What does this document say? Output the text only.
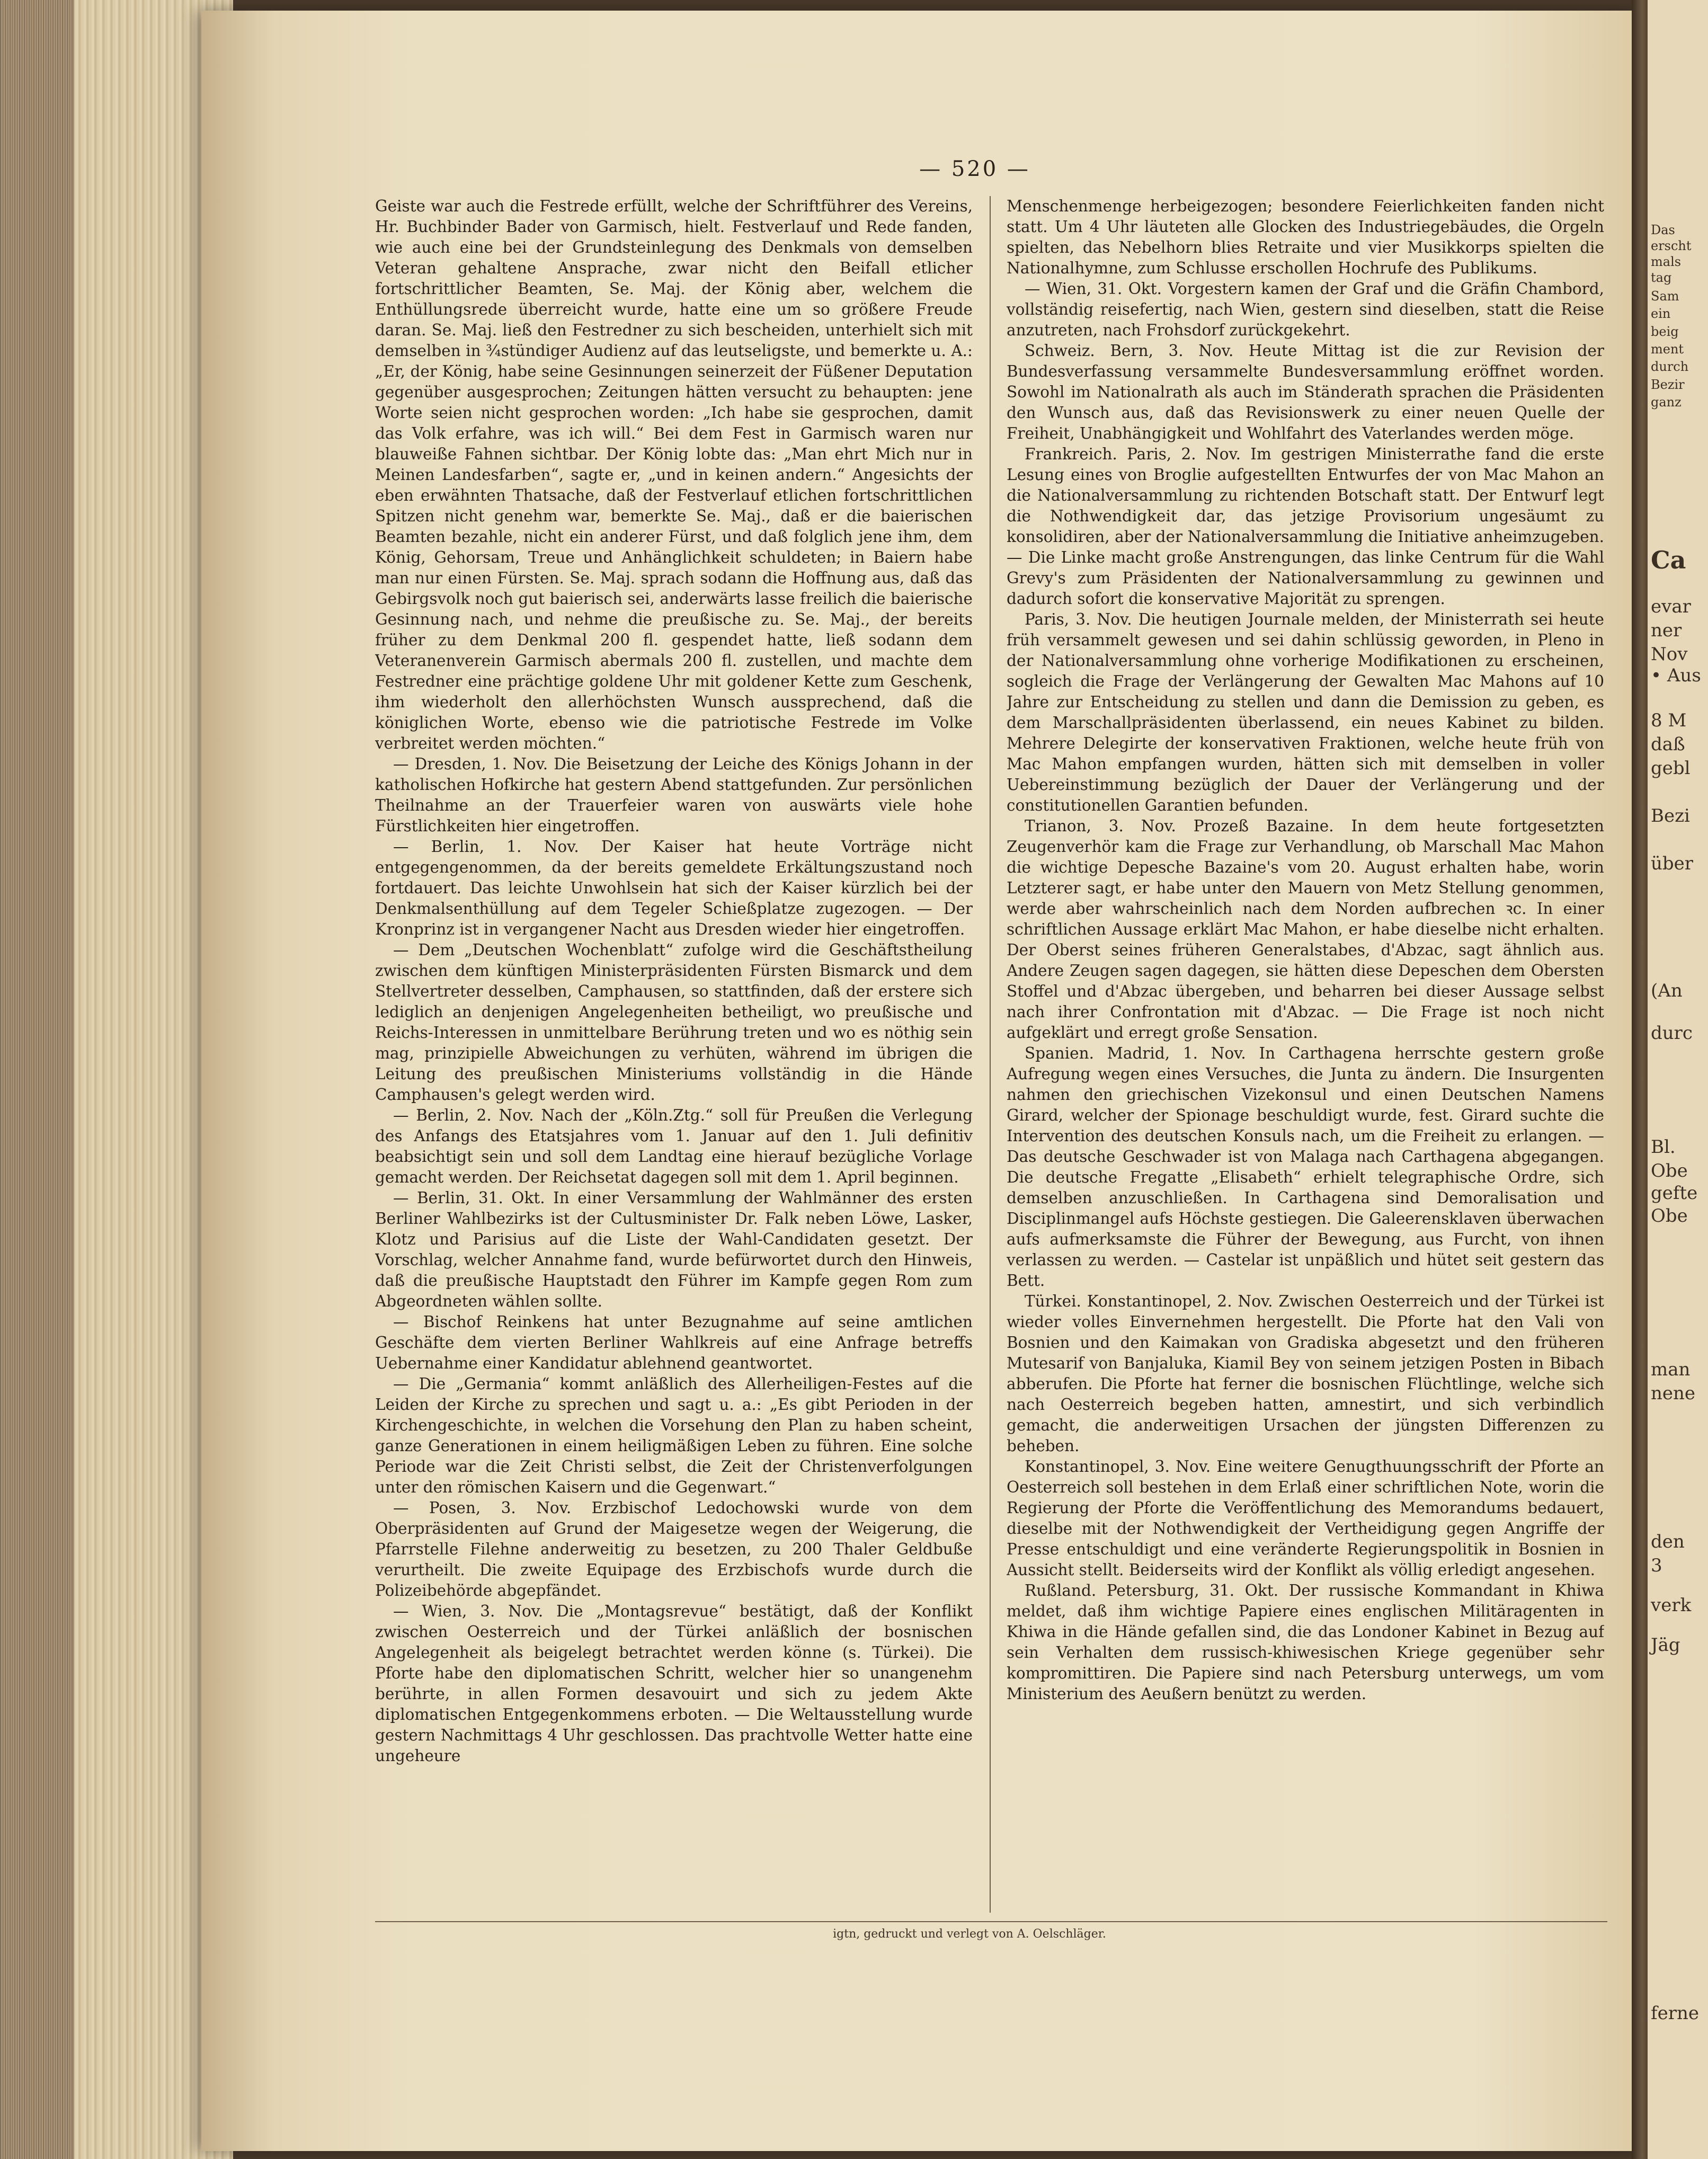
— 520 —

Geiste war auch die Festrede erfüllt, welche der Schriftführer des Vereins, Hr. Buchbinder Bader von Garmisch, hielt. Festverlauf und Rede fanden, wie auch eine bei der Grundsteinlegung des Denkmals von demselben Veteran gehaltene Ansprache, zwar nicht den Beifall etlicher fortschrittlicher Beamten, Se. Maj. der König aber, welchem die Enthüllungsrede überreicht wurde, hatte eine um so größere Freude daran. Se. Maj. ließ den Festredner zu sich bescheiden, unterhielt sich mit demselben in ¾stündiger Audienz auf das leutseligste, und bemerkte u. A.: „Er, der König, habe seine Gesinnungen seinerzeit der Füßener Deputation gegenüber ausgesprochen; Zeitungen hätten versucht zu behaupten: jene Worte seien nicht gesprochen worden: „Ich habe sie gesprochen, damit das Volk erfahre, was ich will.“ Bei dem Fest in Garmisch waren nur blauweiße Fahnen sichtbar. Der König lobte das: „Man ehrt Mich nur in Meinen Landesfarben“, sagte er, „und in keinen andern.“ Angesichts der eben erwähnten Thatsache, daß der Festverlauf etlichen fortschrittlichen Spitzen nicht genehm war, bemerkte Se. Maj., daß er die baierischen Beamten bezahle, nicht ein anderer Fürst, und daß folglich jene ihm, dem König, Gehorsam, Treue und Anhänglichkeit schuldeten; in Baiern habe man nur einen Fürsten. Se. Maj. sprach sodann die Hoffnung aus, daß das Gebirgsvolk noch gut baierisch sei, anderwärts lasse freilich die baierische Gesinnung nach, und nehme die preußische zu. Se. Maj., der bereits früher zu dem Denkmal 200 fl. gespendet hatte, ließ sodann dem Veteranenverein Garmisch abermals 200 fl. zustellen, und machte dem Festredner eine prächtige goldene Uhr mit goldener Kette zum Geschenk, ihm wiederholt den allerhöchsten Wunsch aussprechend, daß die königlichen Worte, ebenso wie die patriotische Festrede im Volke verbreitet werden möchten.“

— Dresden, 1. Nov. Die Beisetzung der Leiche des Königs Johann in der katholischen Hofkirche hat gestern Abend stattgefunden. Zur persönlichen Theilnahme an der Trauerfeier waren von auswärts viele hohe Fürstlichkeiten hier eingetroffen.

— Berlin, 1. Nov. Der Kaiser hat heute Vorträge nicht entgegengenommen, da der bereits gemeldete Erkältungszustand noch fortdauert. Das leichte Unwohlsein hat sich der Kaiser kürzlich bei der Denkmalsenthüllung auf dem Tegeler Schießplatze zugezogen. — Der Kronprinz ist in vergangener Nacht aus Dresden wieder hier eingetroffen.

— Dem „Deutschen Wochenblatt“ zufolge wird die Geschäftstheilung zwischen dem künftigen Ministerpräsidenten Fürsten Bismarck und dem Stellvertreter desselben, Camphausen, so stattfinden, daß der erstere sich lediglich an denjenigen Angelegenheiten betheiligt, wo preußische und Reichs-Interessen in unmittelbare Berührung treten und wo es nöthig sein mag, prinzipielle Abweichungen zu verhüten, während im übrigen die Leitung des preußischen Ministeriums vollständig in die Hände Camphausen's gelegt werden wird.

— Berlin, 2. Nov. Nach der „Köln.Ztg.“ soll für Preußen die Verlegung des Anfangs des Etatsjahres vom 1. Januar auf den 1. Juli definitiv beabsichtigt sein und soll dem Landtag eine hierauf bezügliche Vorlage gemacht werden. Der Reichsetat dagegen soll mit dem 1. April beginnen.

— Berlin, 31. Okt. In einer Versammlung der Wahlmänner des ersten Berliner Wahlbezirks ist der Cultusminister Dr. Falk neben Löwe, Lasker, Klotz und Parisius auf die Liste der Wahl-Candidaten gesetzt. Der Vorschlag, welcher Annahme fand, wurde befürwortet durch den Hinweis, daß die preußische Hauptstadt den Führer im Kampfe gegen Rom zum Abgeordneten wählen sollte.

— Bischof Reinkens hat unter Bezugnahme auf seine amtlichen Geschäfte dem vierten Berliner Wahlkreis auf eine Anfrage betreffs Uebernahme einer Kandidatur ablehnend geantwortet.

— Die „Germania“ kommt anläßlich des Allerheiligen-Festes auf die Leiden der Kirche zu sprechen und sagt u. a.: „Es gibt Perioden in der Kirchengeschichte, in welchen die Vorsehung den Plan zu haben scheint, ganze Generationen in einem heiligmäßigen Leben zu führen. Eine solche Periode war die Zeit Christi selbst, die Zeit der Christenverfolgungen unter den römischen Kaisern und die Gegenwart.“

— Posen, 3. Nov. Erzbischof Ledochowski wurde von dem Oberpräsidenten auf Grund der Maigesetze wegen der Weigerung, die Pfarrstelle Filehne anderweitig zu besetzen, zu 200 Thaler Geldbuße verurtheilt. Die zweite Equipage des Erzbischofs wurde durch die Polizeibehörde abgepfändet.

— Wien, 3. Nov. Die „Montagsrevue“ bestätigt, daß der Konflikt zwischen Oesterreich und der Türkei anläßlich der bosnischen Angelegenheit als beigelegt betrachtet werden könne (s. Türkei). Die Pforte habe den diplomatischen Schritt, welcher hier so unangenehm berührte, in allen Formen desavouirt und sich zu jedem Akte diplomatischen Entgegenkommens erboten. — Die Weltausstellung wurde gestern Nachmittags 4 Uhr geschlossen. Das prachtvolle Wetter hatte eine ungeheure

Menschenmenge herbeigezogen; besondere Feierlichkeiten fanden nicht statt. Um 4 Uhr läuteten alle Glocken des Industriegebäudes, die Orgeln spielten, das Nebelhorn blies Retraite und vier Musikkorps spielten die Nationalhymne, zum Schlusse erschollen Hochrufe des Publikums.

— Wien, 31. Okt. Vorgestern kamen der Graf und die Gräfin Chambord, vollständig reisefertig, nach Wien, gestern sind dieselben, statt die Reise anzutreten, nach Frohsdorf zurückgekehrt.

Schweiz. Bern, 3. Nov. Heute Mittag ist die zur Revision der Bundesverfassung versammelte Bundesversammlung eröffnet worden. Sowohl im Nationalrath als auch im Ständerath sprachen die Präsidenten den Wunsch aus, daß das Revisionswerk zu einer neuen Quelle der Freiheit, Unabhängigkeit und Wohlfahrt des Vaterlandes werden möge.

Frankreich. Paris, 2. Nov. Im gestrigen Ministerrathe fand die erste Lesung eines von Broglie aufgestellten Entwurfes der von Mac Mahon an die Nationalversammlung zu richtenden Botschaft statt. Der Entwurf legt die Nothwendigkeit dar, das jetzige Provisorium ungesäumt zu konsolidiren, aber der Nationalversammlung die Initiative anheimzugeben. — Die Linke macht große Anstrengungen, das linke Centrum für die Wahl Grevy's zum Präsidenten der Nationalversammlung zu gewinnen und dadurch sofort die konservative Majorität zu sprengen.

Paris, 3. Nov. Die heutigen Journale melden, der Ministerrath sei heute früh versammelt gewesen und sei dahin schlüssig geworden, in Pleno in der Nationalversammlung ohne vorherige Modifikationen zu erscheinen, sogleich die Frage der Verlängerung der Gewalten Mac Mahons auf 10 Jahre zur Entscheidung zu stellen und dann die Demission zu geben, es dem Marschallpräsidenten überlassend, ein neues Kabinet zu bilden. Mehrere Delegirte der konservativen Fraktionen, welche heute früh von Mac Mahon empfangen wurden, hätten sich mit demselben in voller Uebereinstimmung bezüglich der Dauer der Verlängerung und der constitutionellen Garantien befunden.

Trianon, 3. Nov. Prozeß Bazaine. In dem heute fortgesetzten Zeugenverhör kam die Frage zur Verhandlung, ob Marschall Mac Mahon die wichtige Depesche Bazaine's vom 20. August erhalten habe, worin Letzterer sagt, er habe unter den Mauern von Metz Stellung genommen, werde aber wahrscheinlich nach dem Norden aufbrechen ꝛc. In einer schriftlichen Aussage erklärt Mac Mahon, er habe dieselbe nicht erhalten. Der Oberst seines früheren Generalstabes, d'Abzac, sagt ähnlich aus. Andere Zeugen sagen dagegen, sie hätten diese Depeschen dem Obersten Stoffel und d'Abzac übergeben, und beharren bei dieser Aussage selbst nach ihrer Confrontation mit d'Abzac. — Die Frage ist noch nicht aufgeklärt und erregt große Sensation.

Spanien. Madrid, 1. Nov. In Carthagena herrschte gestern große Aufregung wegen eines Versuches, die Junta zu ändern. Die Insurgenten nahmen den griechischen Vizekonsul und einen Deutschen Namens Girard, welcher der Spionage beschuldigt wurde, fest. Girard suchte die Intervention des deutschen Konsuls nach, um die Freiheit zu erlangen. — Das deutsche Geschwader ist von Malaga nach Carthagena abgegangen. Die deutsche Fregatte „Elisabeth“ erhielt telegraphische Ordre, sich demselben anzuschließen. In Carthagena sind Demoralisation und Disciplinmangel aufs Höchste gestiegen. Die Galeerensklaven überwachen aufs aufmerksamste die Führer der Bewegung, aus Furcht, von ihnen verlassen zu werden. — Castelar ist unpäßlich und hütet seit gestern das Bett.

Türkei. Konstantinopel, 2. Nov. Zwischen Oesterreich und der Türkei ist wieder volles Einvernehmen hergestellt. Die Pforte hat den Vali von Bosnien und den Kaimakan von Gradiska abgesetzt und den früheren Mutesarif von Banjaluka, Kiamil Bey von seinem jetzigen Posten in Bibach abberufen. Die Pforte hat ferner die bosnischen Flüchtlinge, welche sich nach Oesterreich begeben hatten, amnestirt, und sich verbindlich gemacht, die anderweitigen Ursachen der jüngsten Differenzen zu beheben.

Konstantinopel, 3. Nov. Eine weitere Genugthuungsschrift der Pforte an Oesterreich soll bestehen in dem Erlaß einer schriftlichen Note, worin die Regierung der Pforte die Veröffentlichung des Memorandums bedauert, dieselbe mit der Nothwendigkeit der Vertheidigung gegen Angriffe der Presse entschuldigt und eine veränderte Regierungspolitik in Bosnien in Aussicht stellt. Beiderseits wird der Konflikt als völlig erledigt angesehen.

Rußland. Petersburg, 31. Okt. Der russische Kommandant in Khiwa meldet, daß ihm wichtige Papiere eines englischen Militäragenten in Khiwa in die Hände gefallen sind, die das Londoner Kabinet in Bezug auf sein Verhalten dem russisch-khiwesischen Kriege gegenüber sehr kompromittiren. Die Papiere sind nach Petersburg unterwegs, um vom Ministerium des Aeußern benützt zu werden.

igtn, gedruckt und verlegt von A. Oelschläger.
Das
erscht
mals
tag
Sam
ein
beig
ment
durch
Bezir
ganz
Ca
evar
ner
Nov
• Aus
8 M
daß
gebl
Bezi
über
(An
durc
Bl.
Obe
gefte
Obe
man
nene
den
3
verk
Jäg
ferne
